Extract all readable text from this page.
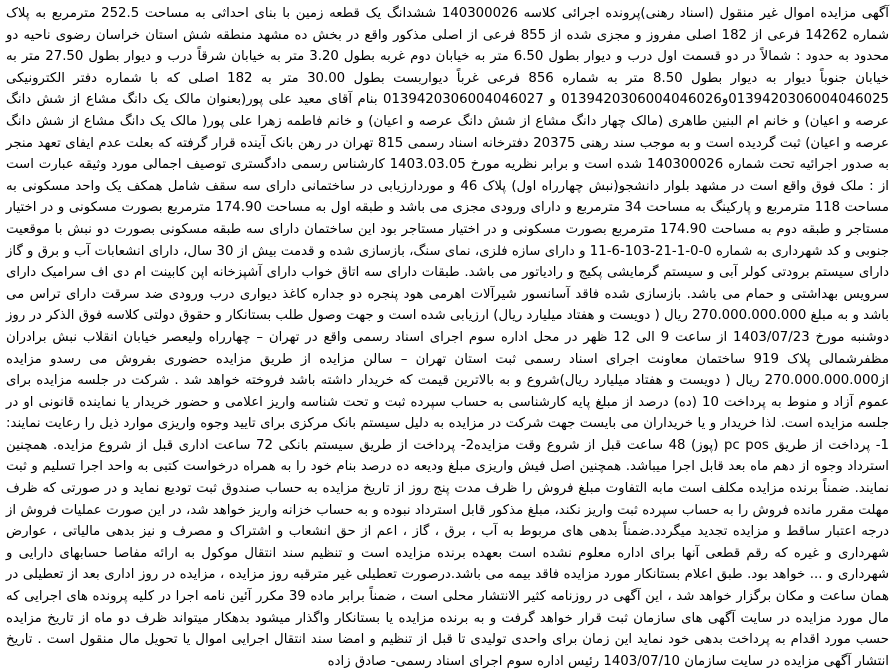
آگهی مزایده اموال غیر منقول (اسناد رهنی)پرونده اجرائی کلاسه 140300026 ششدانگ یک قطعه زمین با بنای احداثی به مساحت 252.5 مترمربع به پلاک شماره 14262 فرعی از 182 اصلی مفروز و مجزی شده از 855 فرعی از اصلی مذکور واقع در بخش ده مشهد منطقه شش استان خراسان رضوی ناحیه دو محدود به حدود : شمالاً در دو قسمت اول درب و دیوار بطول 6.50 متر به خیابان دوم غربه بطول 3.20 متر به خیابان شرقاً درب و دیوار بطول 27.50 متر به خیابان جنوباً دیوار به دیوار بطول 8.50 متر به شماره 856 فرعی غرباً دیواربست بطول 30.00 متر به 182 اصلی که با شماره دفتر الکترونیکی 0139420306004046025و0139420306004046026 و 0139420306004046027 بنام آقای معید علی پور(بعنوان مالک یک دانگ مشاع از شش دانگ عرصه و اعیان) و خانم ام البنین طاهری (مالک چهار دانگ مشاع از شش دانگ عرصه و اعیان) و خانم فاطمه زهرا علی پور( مالک یک دانگ مشاع از شش دانگ عرصه و اعیان) ثبت گردیده است و به موجب سند رهنی 20375 دفترخانه اسناد رسمی 815 تهران در رهن بانک آینده قرار گرفته که بعلت عدم ایفای تعهد منجر به صدور اجرائیه تحت شماره 140300026 شده است و برابر نظریه مورخ 1403.03.05 کارشناس رسمی دادگستری توصیف اجمالی مورد وثیقه عبارت است از : ملک فوق واقع است در مشهد بلوار دانشجو(نبش چهارراه اول) پلاک 46 و موردارزیابی در ساختمانی دارای سه سقف شامل همکف یک واحد مسکونی به مساحت 118 مترمربع و پارکینگ به مساحت 34 مترمربع و دارای ورودی مجزی می باشد و طبقه اول به مساحت 174.90 مترمربع بصورت مسکونی و در اختیار مستاجر و طبقه دوم به مساحت 174.90 مترمربع بصورت مسکونی و در اختیار مستاجر بود این ساختمان دارای سه طبقه مسکونی بصورت دو نبش با موقعیت جنوبی و کد شهرداری به شماره 0-0-1-21-103-6-11 و دارای سازه فلزی، نمای سنگ، بازسازی شده و قدمت بیش از 30 سال، دارای انشعابات آب و برق و گاز دارای سیستم برودتی کولر آبی و سیستم گرمایشی پکیج و رادیاتور می باشد. طبقات دارای سه اتاق خواب دارای آشپزخانه اپن کابینت ام دی اف سرامیک دارای سرویس بهداشتی و حمام می باشد. بازسازی شده فاقد آسانسور شیرآلات اهرمی هود پنجره دو جداره کاغذ دیواری درب ورودی ضد سرقت دارای تراس می باشد و به مبلغ 270.000.000.000 ریال ( دویست و هفتاد میلیارد ریال) ارزیابی شده است و جهت وصول طلب بستانکار و حقوق دولتی کلاسه فوق الذکر در روز دوشنبه مورخ 1403/07/23 از ساعت 9 الی 12 ظهر در محل اداره سوم اجرای اسناد رسمی واقع در تهران – چهارراه ولیعصر خیابان انقلاب نبش برادران مظفرشمالی پلاک 919 ساختمان معاونت اجرای اسناد رسمی ثبت استان تهران – سالن مزایده از طریق مزایده حضوری بفروش می رسدو مزایده از270.000.000.000 ریال ( دویست و هفتاد میلیارد ریال)شروع و به بالاترین قیمت که خریدار داشته باشد فروخته خواهد شد . شرکت در جلسه مزایده برای عموم آزاد و منوط به پرداخت 10 (ده) درصد از مبلغ پایه کارشناسی به حساب سپرده ثبت و تحت شناسه واریز اعلامی و حضور خریدار یا نماینده قانونی او در جلسه مزایده است. لذا خریدار و یا خریداران می بایست جهت شرکت در مزایده به دلیل سیستم بانک مرکزی برای تایید وجوه واریزی موارد ذیل را رعایت نمایند: 1- پرداخت از طریق pc pos (پوز) 48 ساعت قبل از شروع وقت مزایده2- پرداخت از طریق سیستم بانکی 72 ساعت اداری قبل از شروع مزایده. همچنین استرداد وجوه از دهم ماه بعد قابل اجرا میباشد. همچنین اصل فیش واریزی مبلغ ودیعه ده درصد بنام خود را به همراه درخواست کتبی به واحد اجرا تسلیم و ثبت نمایند. ضمناً برنده مزایده مکلف است مابه التفاوت مبلغ فروش را ظرف مدت پنج روز از تاریخ مزایده به حساب صندوق ثبت تودیع نماید و در صورتی که ظرف مهلت مقرر مانده فروش را به حساب سپرده ثبت واریز نکند، مبلغ مذکور قابل استرداد نبوده و به حساب خزانه واریز خواهد شد، در این صورت عملیات فروش از درجه اعتبار ساقط و مزایده تجدید میگردد.ضمناً بدهی های مربوط به آب ، برق ، گاز ، اعم از حق انشعاب و اشتراک و مصرف و نیز بدهی مالیاتی ، عوارض شهرداری و غیره که رقم قطعی آنها برای اداره معلوم نشده است بعهده برنده مزایده است و تنظیم سند انتقال موکول به ارائه مفاصا حسابهای دارایی و شهرداری و ... خواهد بود. طبق اعلام بستانکار مورد مزایده فاقد بیمه می باشد.درصورت تعطیلی غیر مترقبه روز مزایده ، مزایده در روز اداری بعد از تعطیلی در همان ساعت و مکان برگزار خواهد شد ، این آگهی در روزنامه کثیر الانتشار محلی است ، ضمناً برابر ماده 39 مکرر آئین نامه اجرا در کلیه پرونده های اجرایی که مال مورد مزایده در سایت آگهی های سازمان ثبت قرار خواهد گرفت و به برنده مزایده یا بستانکار واگذار میشود بدهکار میتواند ظرف دو ماه از تاریخ مزایده حسب مورد اقدام به پرداخت بدهی خود نماید این زمان برای واحدی تولیدی تا قبل از تنظیم و امضا سند انتقال اجرایی اموال یا تحویل مال منقول است . تاریخ انتشار آگهی مزایده در سایت سازمان 1403/07/10 رئیس اداره سوم اجرای اسناد رسمی- صادق زاده
